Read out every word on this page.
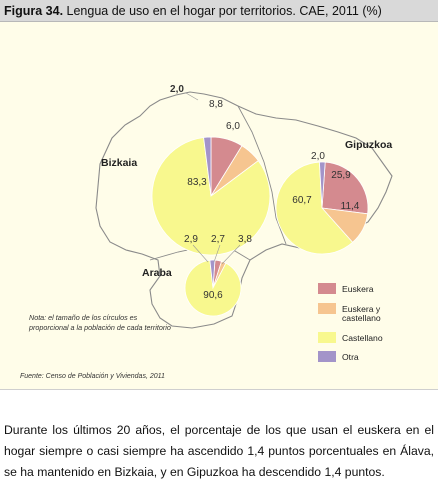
Figura 34. Lengua de uso en el hogar por territorios. CAE, 2011 (%)
8,8
6,0
83,3
2,0
25,9
11,4
60,7
2,0
3,8
2,7
90,6
2,9
Bizkaia
Gipuzkoa
Araba
Euskera
Euskera y
castellano
Castellano
Otra
Nota: el tamaño de los círculos es
proporcional a la población de cada territorio
Fuente: Censo de Población y Viviendas, 2011

Durante los últimos 20 años, el porcentaje de los que usan el euskera en el hogar siempre o casi siempre ha ascendido 1,4 puntos porcentuales en Álava, se ha mantenido en Bizkaia, y en Gipuzkoa ha descendido 1,4 puntos.
